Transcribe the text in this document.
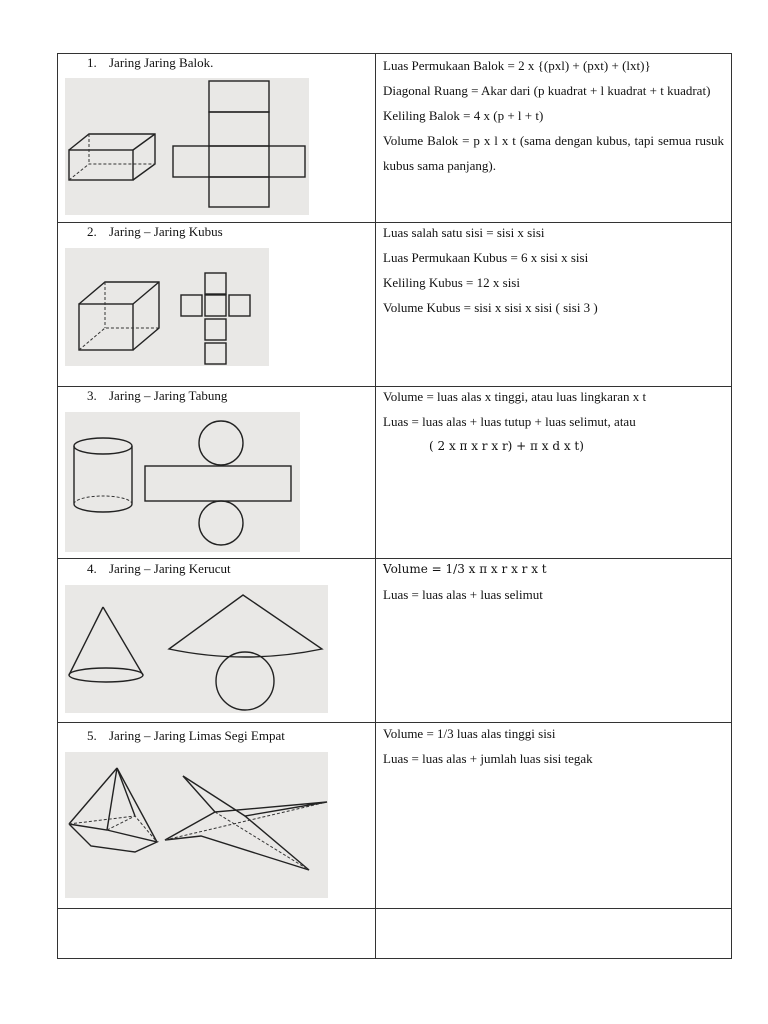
1. Jaring Jaring Balok.	Luas Permukaan Balok = 2 x {(pxl) + (pxt) + (lxt)}

Diagonal Ruang = Akar dari (p kuadrat + l kuadrat + t kuadrat)

Keliling Balok = 4 x (p + l + t)

Volume Balok = p x l x t (sama dengan kubus, tapi semua rusuk kubus sama panjang).

2. Jaring – Jaring Kubus	Luas salah satu sisi = sisi x sisi

Luas Permukaan Kubus = 6 x sisi x sisi

Keliling Kubus = 12 x sisi

Volume Kubus = sisi x sisi x sisi ( sisi 3 )

3. Jaring – Jaring Tabung	Volume = luas alas x tinggi, atau luas lingkaran x t

Luas = luas alas + luas tutup + luas selimut, atau

( 2 x π x r x r) + π x d x t)

4. Jaring – Jaring Kerucut	Volume = 1/3 x π x r x r x t

Luas = luas alas + luas selimut

5. Jaring – Jaring Limas Segi Empat	Volume = 1/3 luas alas tinggi sisi

Luas = luas alas + jumlah luas sisi tegak
